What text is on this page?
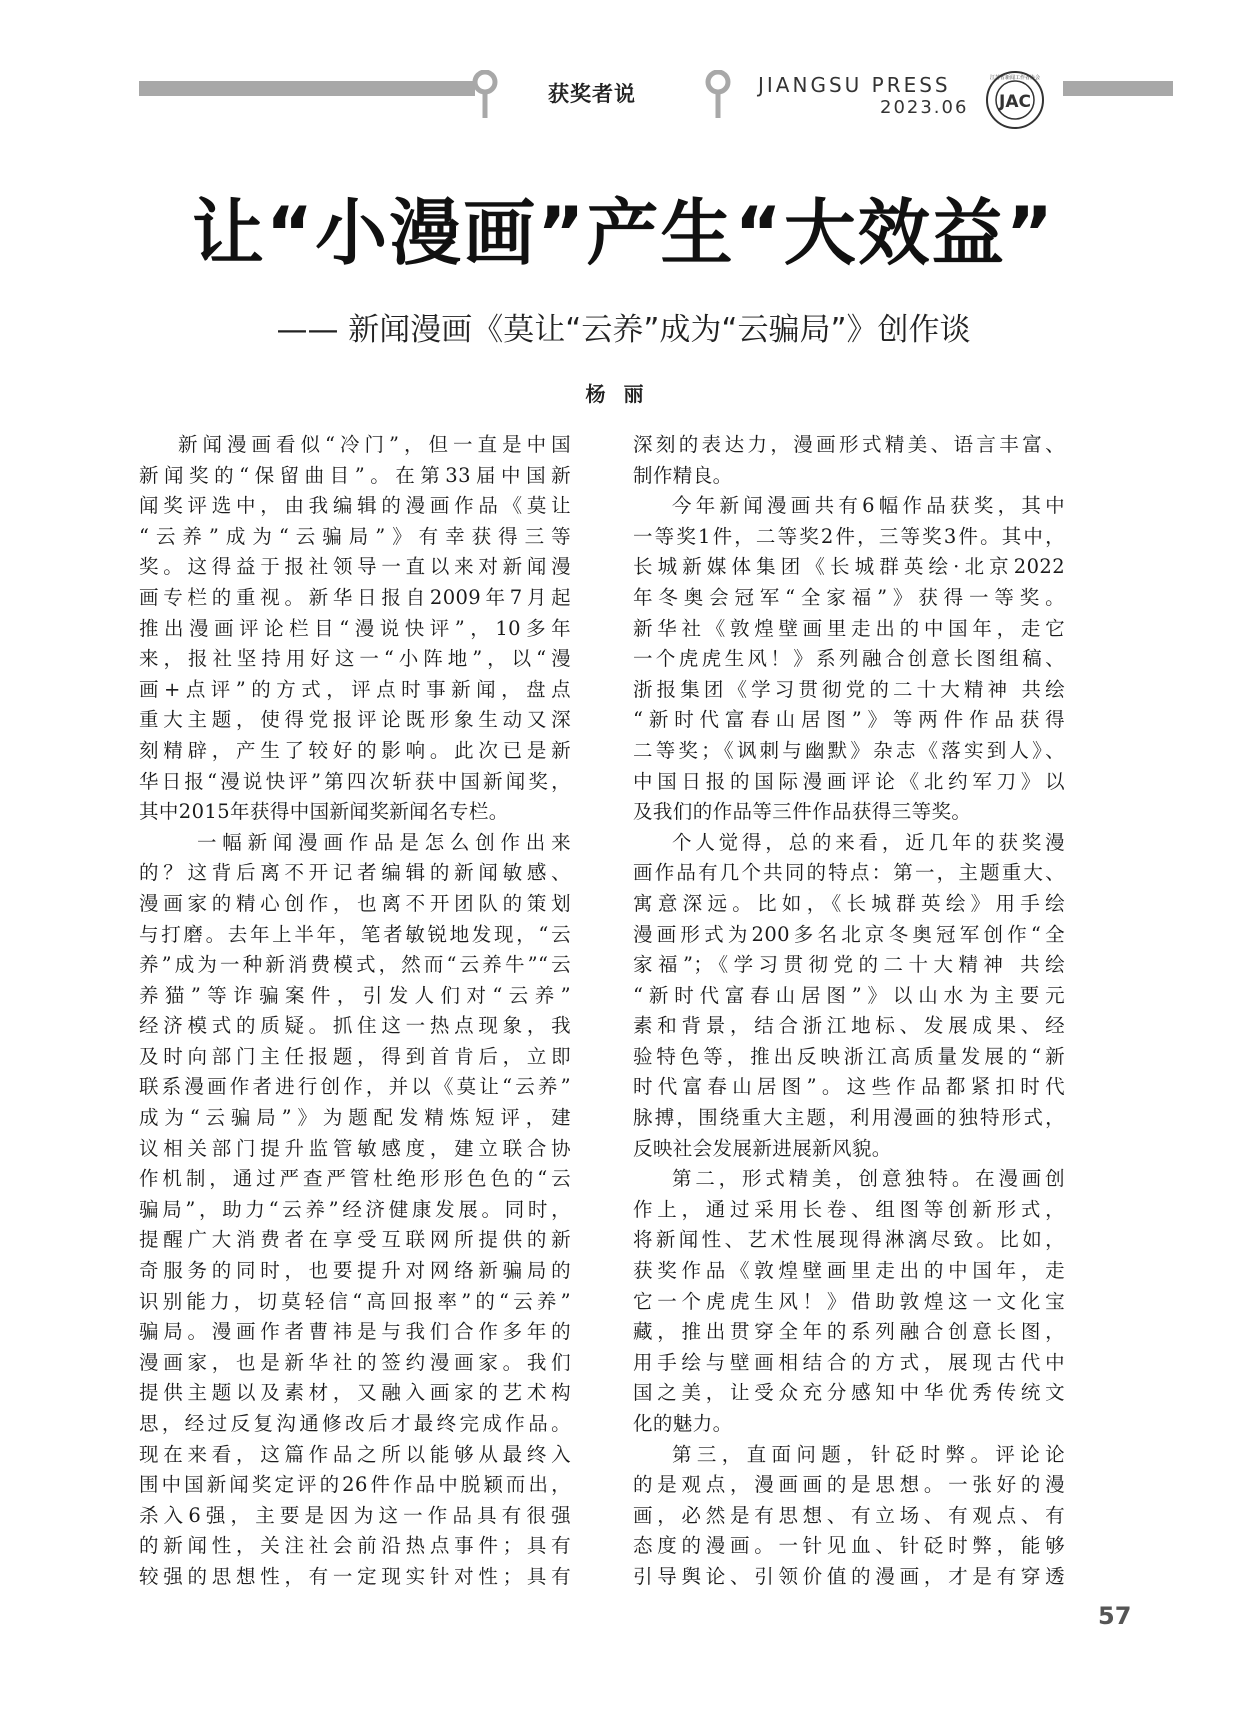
获奖者说	JIANGSU PRESS
2023.06 JAC
江苏省新闻工作者协会
让“小漫画”产生“大效益”
—— 新闻漫画《莫让“云养”成为“云骗局”》创作谈
杨丽
新闻漫画看似“冷门”，但一直是中国
新闻奖的“保留曲目”。在第33届中国新
闻奖评选中，由我编辑的漫画作品《莫让
“云养”成为“云骗局”》有幸获得三等
奖。这得益于报社领导一直以来对新闻漫
画专栏的重视。新华日报自2009年7月起
推出漫画评论栏目“漫说快评”，10多年
来，报社坚持用好这一“小阵地”，以“漫
画+点评”的方式，评点时事新闻，盘点
重大主题，使得党报评论既形象生动又深
刻精辟，产生了较好的影响。此次已是新
华日报“漫说快评”第四次斩获中国新闻奖，
其中2015年获得中国新闻奖新闻名专栏。
一幅新闻漫画作品是怎么创作出来
的？这背后离不开记者编辑的新闻敏感、
漫画家的精心创作，也离不开团队的策划
与打磨。去年上半年，笔者敏锐地发现，“云
养”成为一种新消费模式，然而“云养牛”“云
养猫”等诈骗案件，引发人们对“云养”
经济模式的质疑。抓住这一热点现象，我
及时向部门主任报题，得到首肯后，立即
联系漫画作者进行创作，并以《莫让“云养”
成为“云骗局”》为题配发精炼短评，建
议相关部门提升监管敏感度，建立联合协
作机制，通过严查严管杜绝形形色色的“云
骗局”，助力“云养”经济健康发展。同时，
提醒广大消费者在享受互联网所提供的新
奇服务的同时，也要提升对网络新骗局的
识别能力，切莫轻信“高回报率”的“云养”
骗局。漫画作者曹祎是与我们合作多年的
漫画家，也是新华社的签约漫画家。我们
提供主题以及素材，又融入画家的艺术构
思，经过反复沟通修改后才最终完成作品。
现在来看，这篇作品之所以能够从最终入
围中国新闻奖定评的26件作品中脱颖而出，
杀入6强，主要是因为这一作品具有很强
的新闻性，关注社会前沿热点事件；具有
较强的思想性，有一定现实针对性；具有
深刻的表达力，漫画形式精美、语言丰富、
制作精良。
今年新闻漫画共有6幅作品获奖，其中
一等奖1件，二等奖2件，三等奖3件。其中，
长城新媒体集团《长城群英绘·北京2022
年冬奥会冠军“全家福”》获得一等奖。
新华社《敦煌壁画里走出的中国年，走它
一个虎虎生风！》系列融合创意长图组稿、
浙报集团《学习贯彻党的二十大精神 共绘
“新时代富春山居图”》等两件作品获得
二等奖；《讽刺与幽默》杂志《落实到人》、
中国日报的国际漫画评论《北约军刀》以
及我们的作品等三件作品获得三等奖。
个人觉得，总的来看，近几年的获奖漫
画作品有几个共同的特点：第一，主题重大、
寓意深远。比如，《长城群英绘》用手绘
漫画形式为200多名北京冬奥冠军创作“全
家福”；《学习贯彻党的二十大精神 共绘
“新时代富春山居图”》以山水为主要元
素和背景，结合浙江地标、发展成果、经
验特色等，推出反映浙江高质量发展的“新
时代富春山居图”。这些作品都紧扣时代
脉搏，围绕重大主题，利用漫画的独特形式，
反映社会发展新进展新风貌。
第二，形式精美，创意独特。在漫画创
作上，通过采用长卷、组图等创新形式，
将新闻性、艺术性展现得淋漓尽致。比如，
获奖作品《敦煌壁画里走出的中国年，走
它一个虎虎生风！》借助敦煌这一文化宝
藏，推出贯穿全年的系列融合创意长图，
用手绘与壁画相结合的方式，展现古代中
国之美，让受众充分感知中华优秀传统文
化的魅力。
第三，直面问题，针砭时弊。评论论
的是观点，漫画画的是思想。一张好的漫
画，必然是有思想、有立场、有观点、有
态度的漫画。一针见血、针砭时弊，能够
引导舆论、引领价值的漫画，才是有穿透
57
